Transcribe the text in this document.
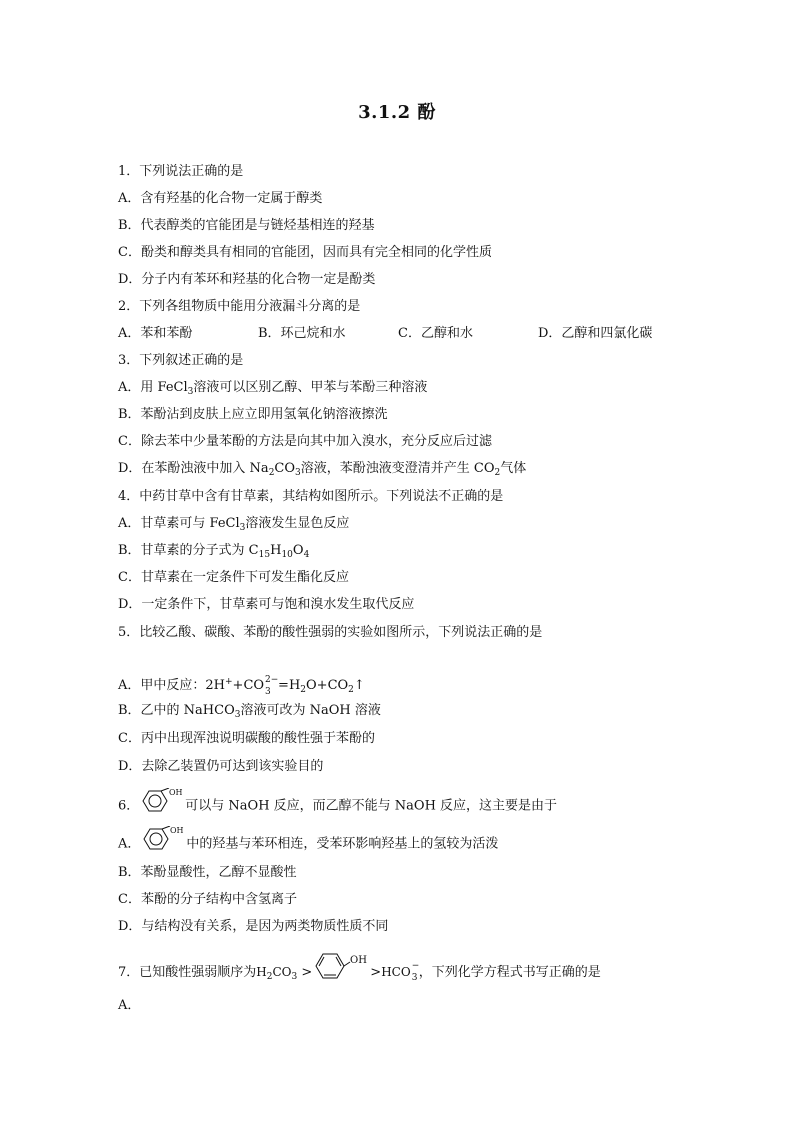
3.1.2 酚
1．下列说法正确的是
A．含有羟基的化合物一定属于醇类
B．代表醇类的官能团是与链烃基相连的羟基
C．酚类和醇类具有相同的官能团，因而具有完全相同的化学性质
D．分子内有苯环和羟基的化合物一定是酚类
2．下列各组物质中能用分液漏斗分离的是
A．苯和苯酚	B．环己烷和水	C．乙醇和水	D．乙醇和四氯化碳
3．下列叙述正确的是
A．用 FeCl$_3$溶液可以区别乙醇、甲苯与苯酚三种溶液
B．苯酚沾到皮肤上应立即用氢氧化钠溶液擦洗
C．除去苯中少量苯酚的方法是向其中加入溴水，充分反应后过滤
D．在苯酚浊液中加入 $Na_2CO_3$溶液，苯酚浊液变澄清并产生 $CO_2$气体
4．中药甘草中含有甘草素，其结构如图所示。下列说法不正确的是
A．甘草素可与 FeCl$_3$溶液发生显色反应
B．甘草素的分子式为 $C_{15}H_{10}O_4$
C．甘草素在一定条件下可发生酯化反应
D．一定条件下，甘草素可与饱和溴水发生取代反应
5．比较乙酸、碳酸、苯酚的酸性强弱的实验如图所示，下列说法正确的是
A．甲中反应：2H++CO 2−
$3 =H_2O+CO_2↑$
B．乙中的 NaHCO$_3$溶液可改为 NaOH 溶液
C．丙中出现浑浊说明碳酸的酸性强于苯酚的
D．去除乙装置仍可达到该实验目的
6．
OH
可以与 NaOH 反应，而乙醇不能与 NaOH 反应，这主要是由于
A．
OH
中的羟基与苯环相连，受苯环影响羟基上的氢较为活泼
B．苯酚显酸性，乙醇不显酸性
C．苯酚的分子结构中含氢离子
D．与结构没有关系，是因为两类物质性质不同
7．已知酸性强弱顺序为$H_2CO_3$ >
OH
>HCO −
3 ，下列化学方程式书写正确的是
A．
